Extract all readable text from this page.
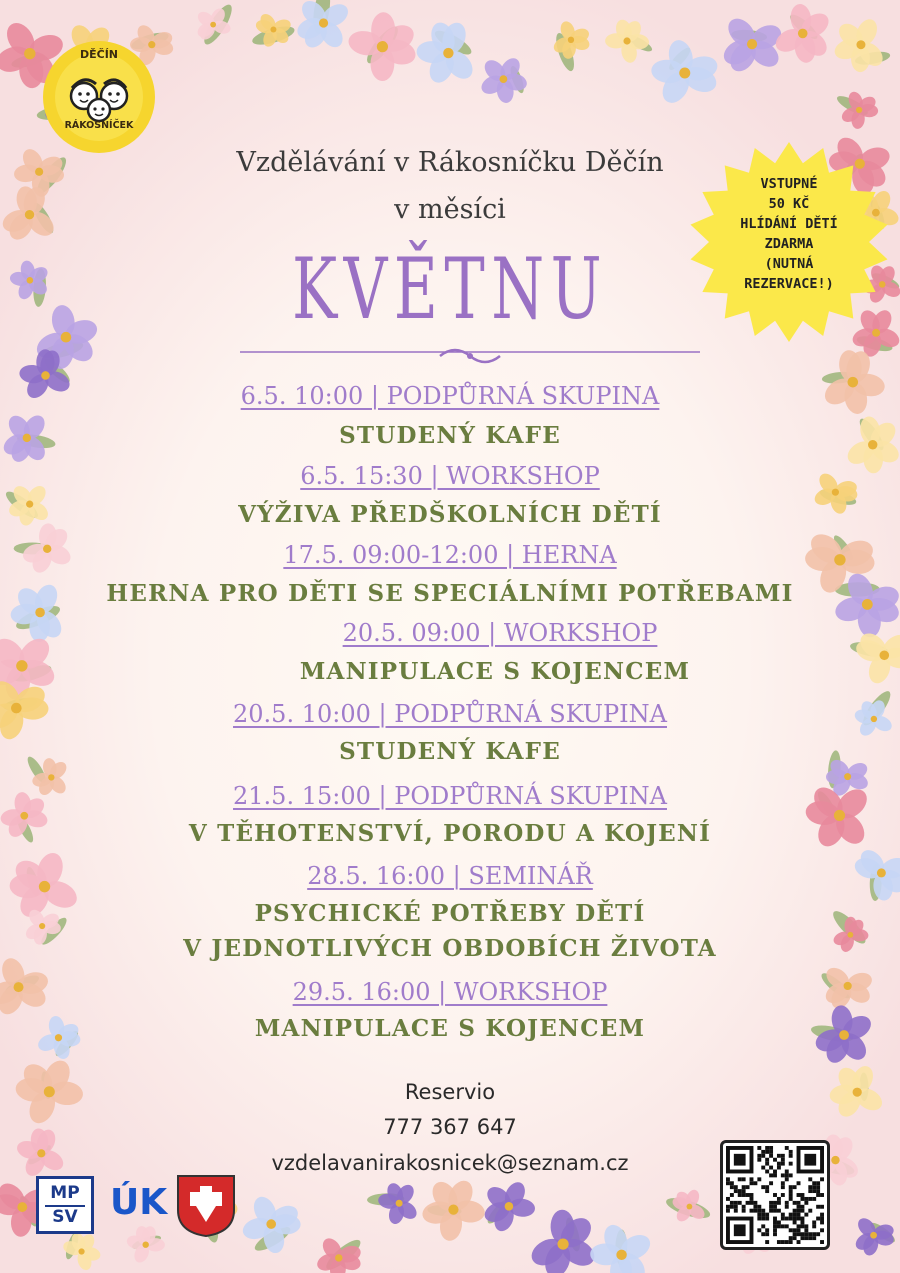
DĚČÍN
RÁKOSNÍČEK
Vzdělávání v Rákosníčku Děčín
v měsíci
KVĚTNU
VSTUPNÉ
50 KČ
HLÍDÁNÍ DĚTÍ
ZDARMA
(NUTNÁ
REZERVACE!)
6.5. 10:00 | PODPŮRNÁ SKUPINA
STUDENÝ KAFE
6.5. 15:30 | WORKSHOP
VÝŽIVA PŘEDŠKOLNÍCH DĚTÍ
17.5. 09:00-12:00 | HERNA
HERNA PRO DĚTI SE SPECIÁLNÍMI POTŘEBAMI
20.5. 09:00 | WORKSHOP
MANIPULACE S KOJENCEM
20.5. 10:00 | PODPŮRNÁ SKUPINA
STUDENÝ KAFE
21.5. 15:00 | PODPŮRNÁ SKUPINA
V TĚHOTENSTVÍ, PORODU A KOJENÍ
28.5. 16:00 | SEMINÁŘ
PSYCHICKÉ POTŘEBY DĚTÍ
V JEDNOTLIVÝCH OBDOBÍCH ŽIVOTA
29.5. 16:00 | WORKSHOP
MANIPULACE S KOJENCEM
Reservio
777 367 647
vzdelavanirakosnicek@seznam.cz
MP
SV ÚK
